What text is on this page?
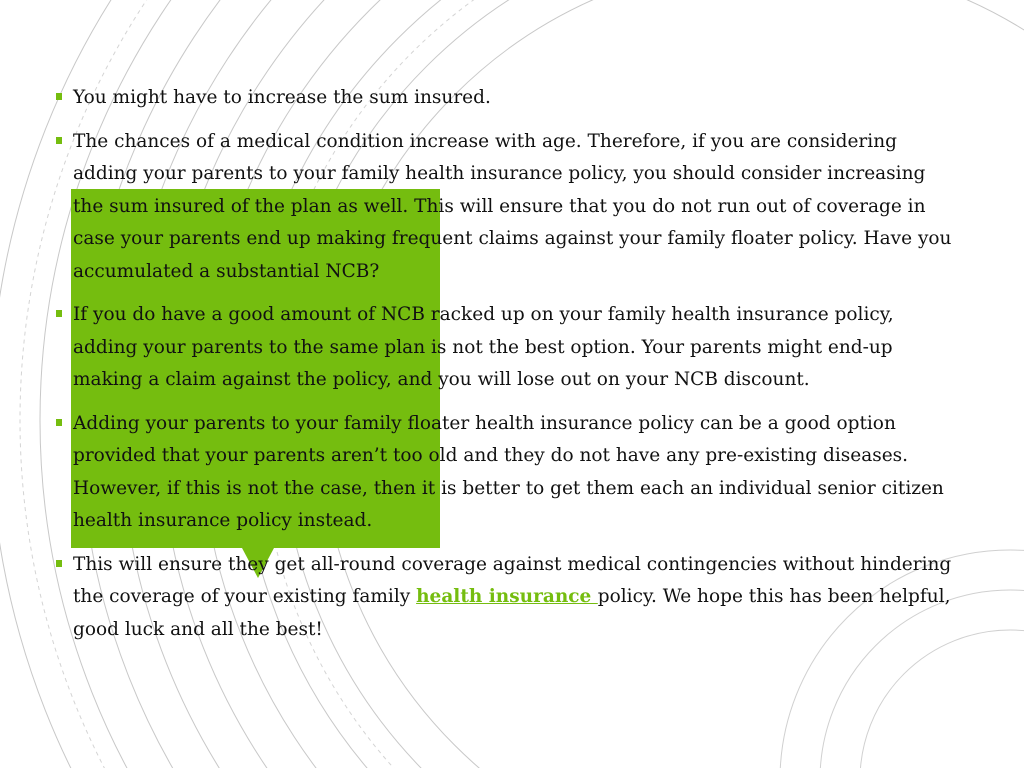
You might have to increase the sum insured.
The chances of a medical condition increase with age. Therefore, if you are considering adding your parents to your family health insurance policy, you should consider increasing the sum insured of the plan as well. This will ensure that you do not run out of coverage in case your parents end up making frequent claims against your family floater policy. Have you accumulated a substantial NCB?
If you do have a good amount of NCB racked up on your family health insurance policy, adding your parents to the same plan is not the best option. Your parents might end-up making a claim against the policy, and you will lose out on your NCB discount.
Adding your parents to your family floater health insurance policy can be a good option provided that your parents aren’t too old and they do not have any pre-existing diseases. However, if this is not the case, then it is better to get them each an individual senior citizen health insurance policy instead.
This will ensure they get all-round coverage against medical contingencies without hindering the coverage of your existing family health insurance policy. We hope this has been helpful, good luck and all the best!
